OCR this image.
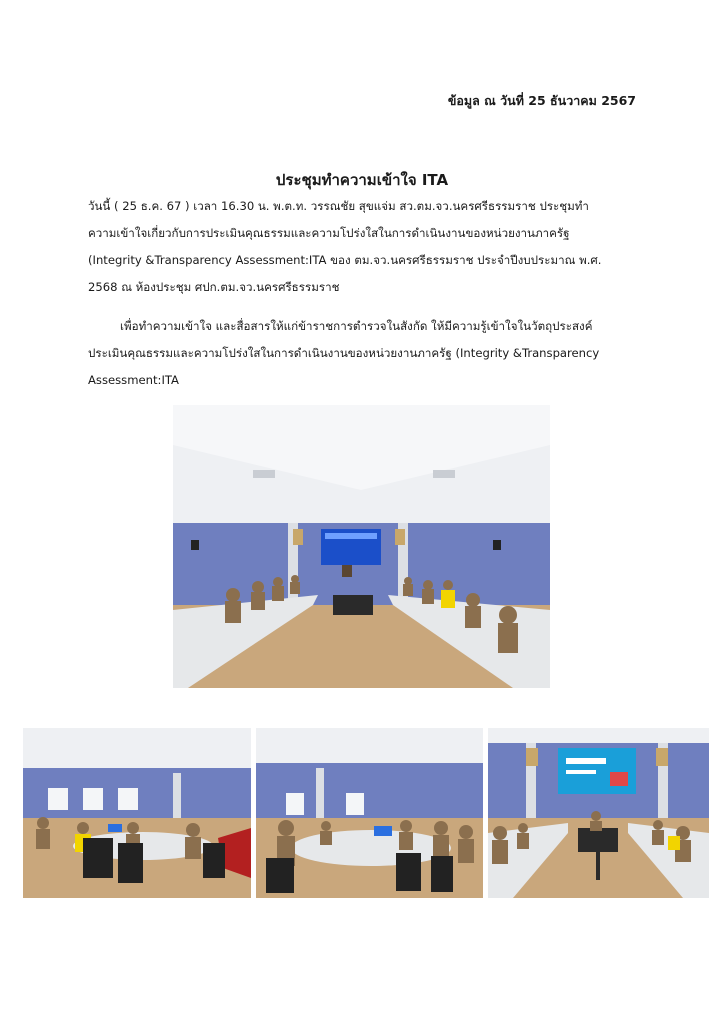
ข้อมูล ณ วันที่ 25 ธันวาคม 2567
ประชุมทำความเข้าใจ ITA

วันนี้ ( 25 ธ.ค. 67 ) เวลา 16.30 น. พ.ต.ท. วรรณชัย สุขแจ่ม สว.ตม.จว.นครศรีธรรมราช ประชุมทำ
ความเข้าใจเกี่ยวกับการประเมินคุณธรรมและความโปร่งใสในการดำเนินงานของหน่วยงานภาครัฐ
(Integrity &Transparency Assessment:ITA ของ ตม.จว.นครศรีธรรมราช ประจำปีงบประมาณ พ.ศ.
2568 ณ ห้องประชุม ศปก.ตม.จว.นครศรีธรรมราช

เพื่อทำความเข้าใจ และสื่อสารให้แก่ข้าราชการตำรวจในสังกัด ให้มีความรู้เข้าใจในวัตถุประสงค์
ประเมินคุณธรรมและความโปร่งใสในการดำเนินงานของหน่วยงานภาครัฐ (Integrity &Transparency
Assessment:ITA
